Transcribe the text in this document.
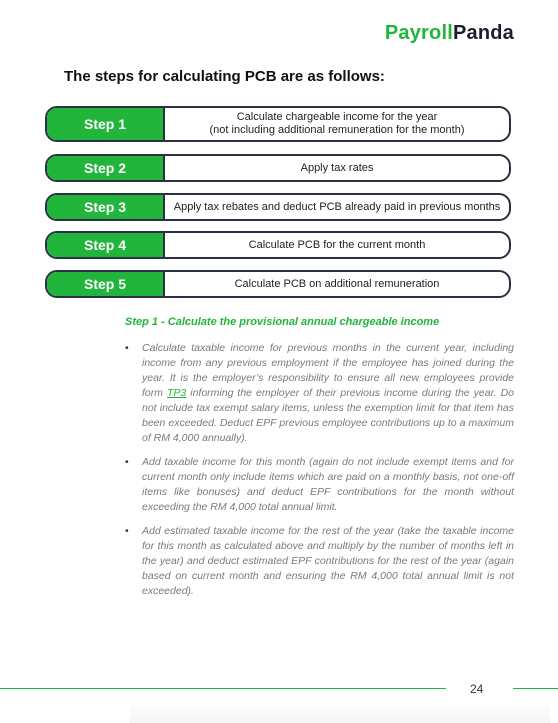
PayrollPanda
The steps for calculating PCB are as follows:
Step 1	Calculate chargeable income for the year
(not including additional remuneration for the month)
Step 2	Apply tax rates
Step 3	Apply tax rebates and deduct PCB already paid in previous months
Step 4	Calculate PCB for the current month
Step 5	Calculate PCB on additional remuneration
Step 1 - Calculate the provisional annual chargeable income
• Calculate taxable income for previous months in the current year, including income from any previous employment if the employee has joined during the year. It is the employer’s responsibility to ensure all new employees provide form TP3 informing the employer of their previous income during the year. Do not include tax exempt salary items, unless the exemption limit for that item has been exceeded. Deduct EPF previous employee contributions up to a maximum of RM 4,000 annually).
• Add taxable income for this month (again do not include exempt items and for current month only include items which are paid on a monthly basis, not one-off items like bonuses) and deduct EPF contributions for the month without exceeding the RM 4,000 total annual limit.
• Add estimated taxable income for the rest of the year (take the taxable income for this month as calculated above and multiply by the number of months left in the year) and deduct estimated EPF contributions for the rest of the year (again based on current month and ensuring the RM 4,000 total annual limit is not exceeded).
24
